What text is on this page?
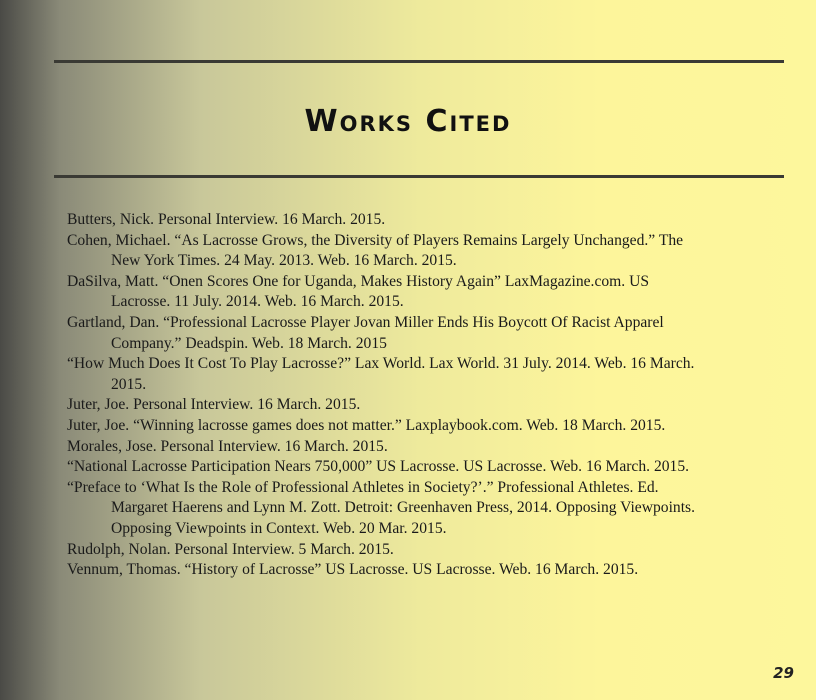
Works Cited

Butters, Nick. Personal Interview. 16 March. 2015.

Cohen, Michael. “As Lacrosse Grows, the Diversity of Players Remains Largely Unchanged.” The New York Times. 24 May. 2013. Web. 16 March. 2015.

DaSilva, Matt. “Onen Scores One for Uganda, Makes History Again” LaxMagazine.com. US Lacrosse. 11 July. 2014. Web. 16 March. 2015.

Gartland, Dan. “Professional Lacrosse Player Jovan Miller Ends His Boycott Of Racist Apparel Company.” Deadspin. Web. 18 March. 2015

“How Much Does It Cost To Play Lacrosse?” Lax World. Lax World. 31 July. 2014. Web. 16 March. 2015.

Juter, Joe. Personal Interview. 16 March. 2015.

Juter, Joe. “Winning lacrosse games does not matter.” Laxplaybook.com. Web. 18 March. 2015.

Morales, Jose. Personal Interview. 16 March. 2015.

“National Lacrosse Participation Nears 750,000” US Lacrosse. US Lacrosse. Web. 16 March. 2015.

“Preface to ‘What Is the Role of Professional Athletes in Society?’.” Professional Athletes. Ed. Margaret Haerens and Lynn M. Zott. Detroit: Greenhaven Press, 2014. Opposing Viewpoints. Opposing Viewpoints in Context. Web. 20 Mar. 2015.

Rudolph, Nolan. Personal Interview. 5 March. 2015.

Vennum, Thomas. “History of Lacrosse” US Lacrosse. US Lacrosse. Web. 16 March. 2015.

29
